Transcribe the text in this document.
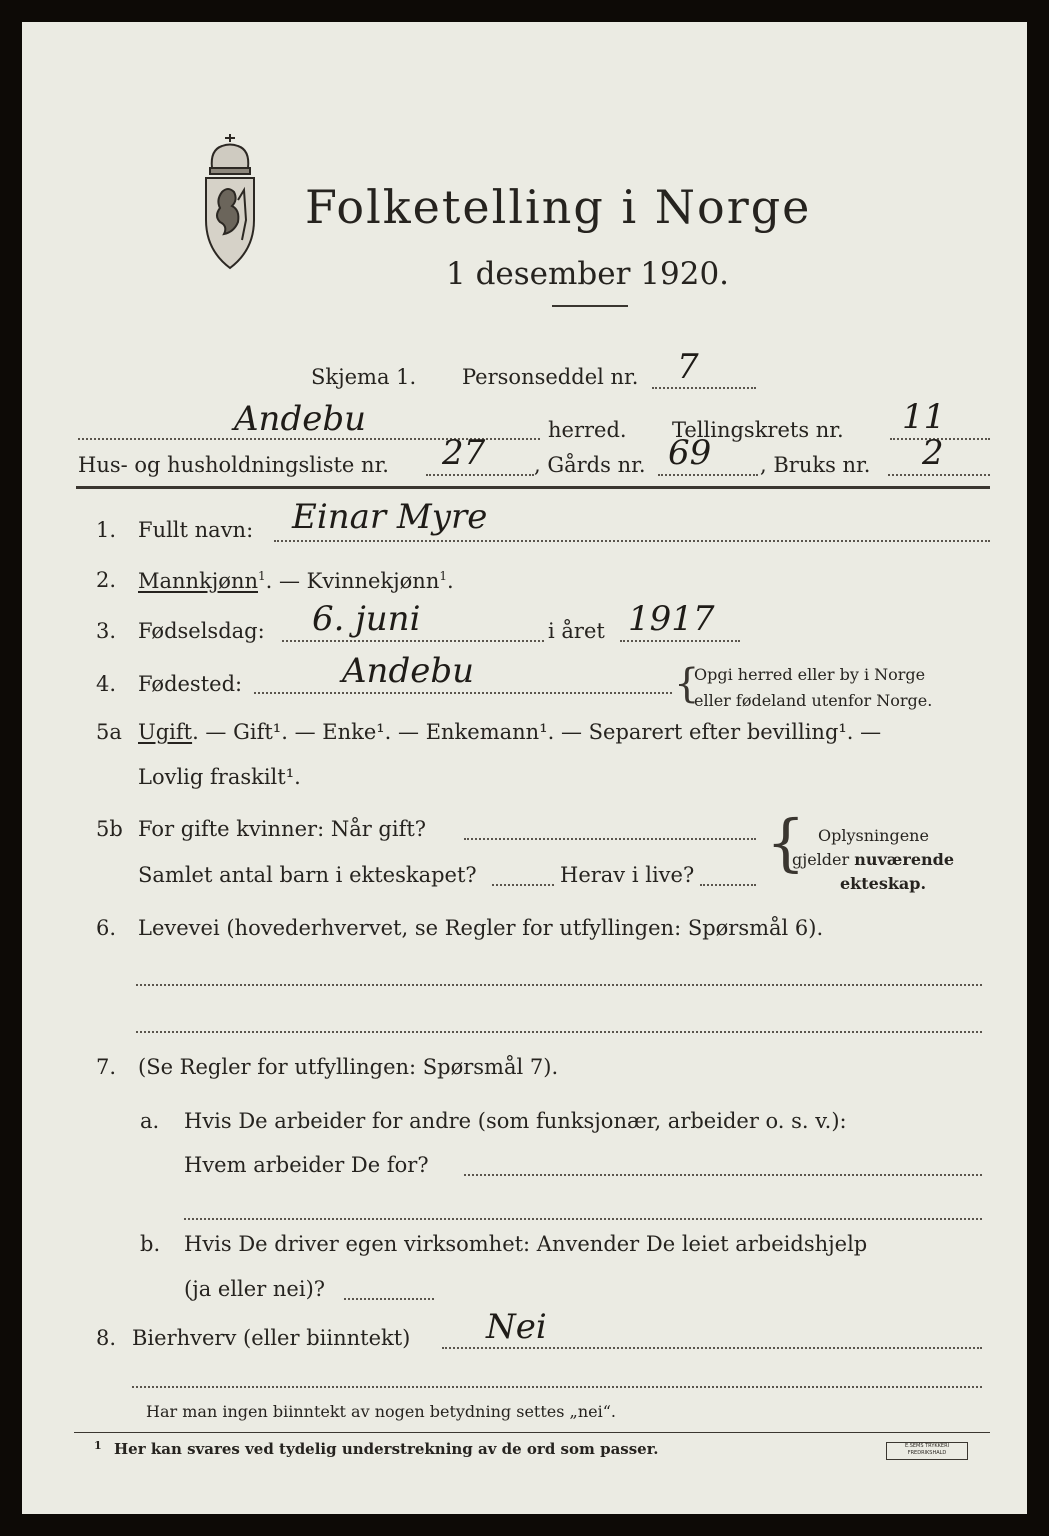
Folketelling i Norge
1 desember 1920.
Skjema 1. Personseddel nr. 7
Andebu	herred. Tellingskrets nr. 11
Hus- og husholdningsliste nr. 27 , Gårds nr. 69 , Bruks nr. 2
1. Fullt navn: Einar Myre
2. Mannkjønn$^1$. — Kvinnekjønn$^1$.
3. Fødselsdag: 6. juni	i året 1917
4. Fødested:	Andebu	{
Opgi herred eller by i Norge
eller fødeland utenfor Norge.
5a Ugift. — Gift¹. — Enke¹. — Enkemann¹. — Separert efter bevilling¹. —
Lovlig fraskilt¹.
5b For gifte kvinner: Når gift?
Samlet antal barn i ekteskapet?	Herav i live? { Oplysningene
gjelder nuværende
ekteskap.
6. Levevei (hovederhvervet, se Regler for utfyllingen: Spørsmål 6).
7. (Se Regler for utfyllingen: Spørsmål 7).
a. Hvis De arbeider for andre (som funksjonær, arbeider o. s. v.):
Hvem arbeider De for?
b. Hvis De driver egen virksomhet: Anvender De leiet arbeidshjelp
(ja eller nei)?
8. Bierhverv (eller biinntekt) Nei
Har man ingen biinntekt av nogen betydning settes „nei“.
1 Her kan svares ved tydelig understrekning av de ord som passer.	E.SEMS TRYKKERI FREDRIKSHALD
